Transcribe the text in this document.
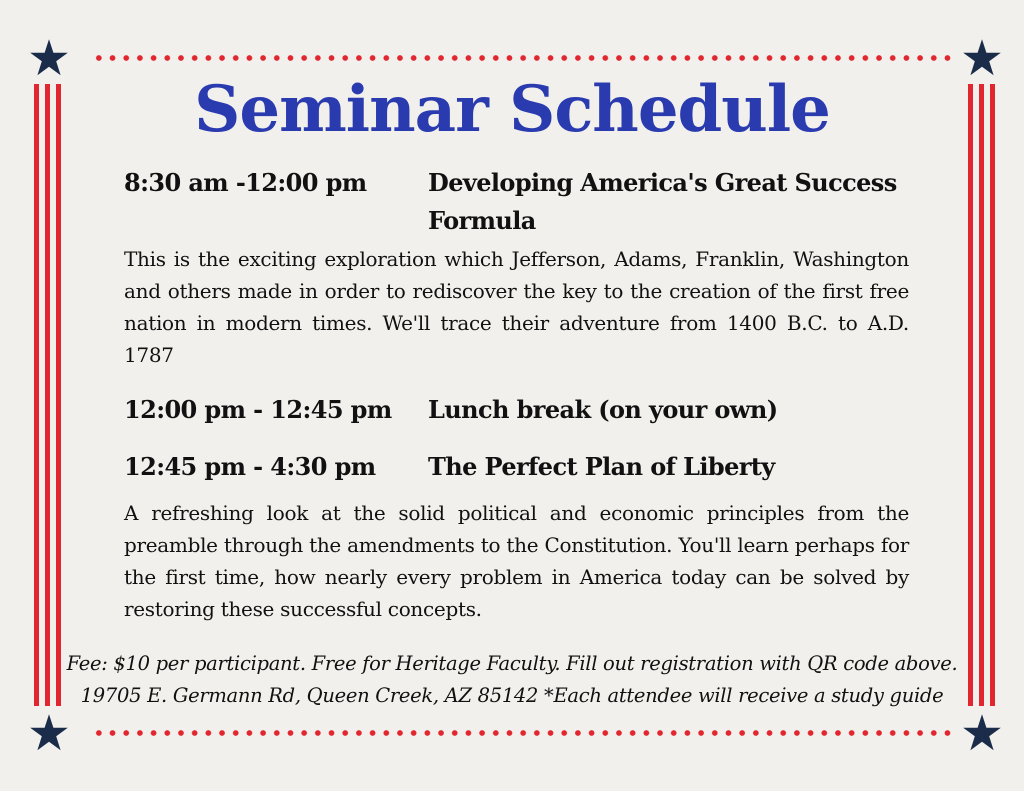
Seminar Schedule
8:30 am -12:00 pm	Developing America's Great Success Formula

This is the exciting exploration which Jefferson, Adams, Franklin, Washington and others made in order to rediscover the key to the creation of the first free nation in modern times. We'll trace their adventure from 1400 B.C. to A.D. 1787

12:00 pm - 12:45 pm Lunch break (on your own)
12:45 pm - 4:30 pm The Perfect Plan of Liberty

A refreshing look at the solid political and economic principles from the preamble through the amendments to the Constitution. You'll learn perhaps for the first time, how nearly every problem in America today can be solved by restoring these successful concepts.

Fee: $10 per participant. Free for Heritage Faculty. Fill out registration with QR code above.

19705 E. Germann Rd, Queen Creek, AZ 85142 *Each attendee will receive a study guide
